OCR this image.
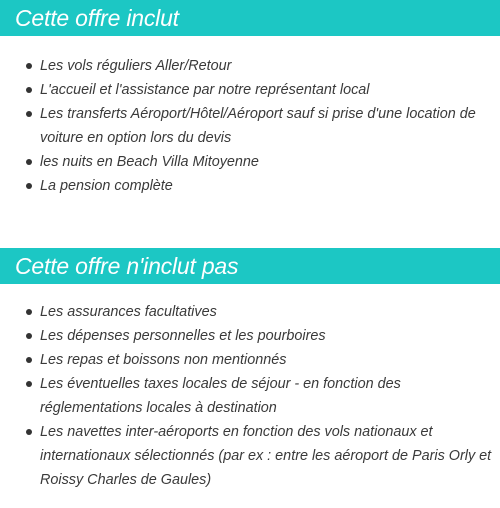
Cette offre inclut
Les vols réguliers Aller/Retour
L'accueil et l'assistance par notre représentant local
Les transferts Aéroport/Hôtel/Aéroport sauf si prise d'une location de voiture en option lors du devis
les nuits en Beach Villa Mitoyenne
La pension complète
Cette offre n'inclut pas
Les assurances facultatives
Les dépenses personnelles et les pourboires
Les repas et boissons non mentionnés
Les éventuelles taxes locales de séjour - en fonction des réglementations locales à destination
Les navettes inter-aéroports en fonction des vols nationaux et internationaux sélectionnés (par ex : entre les aéroport de Paris Orly et Roissy Charles de Gaules)
